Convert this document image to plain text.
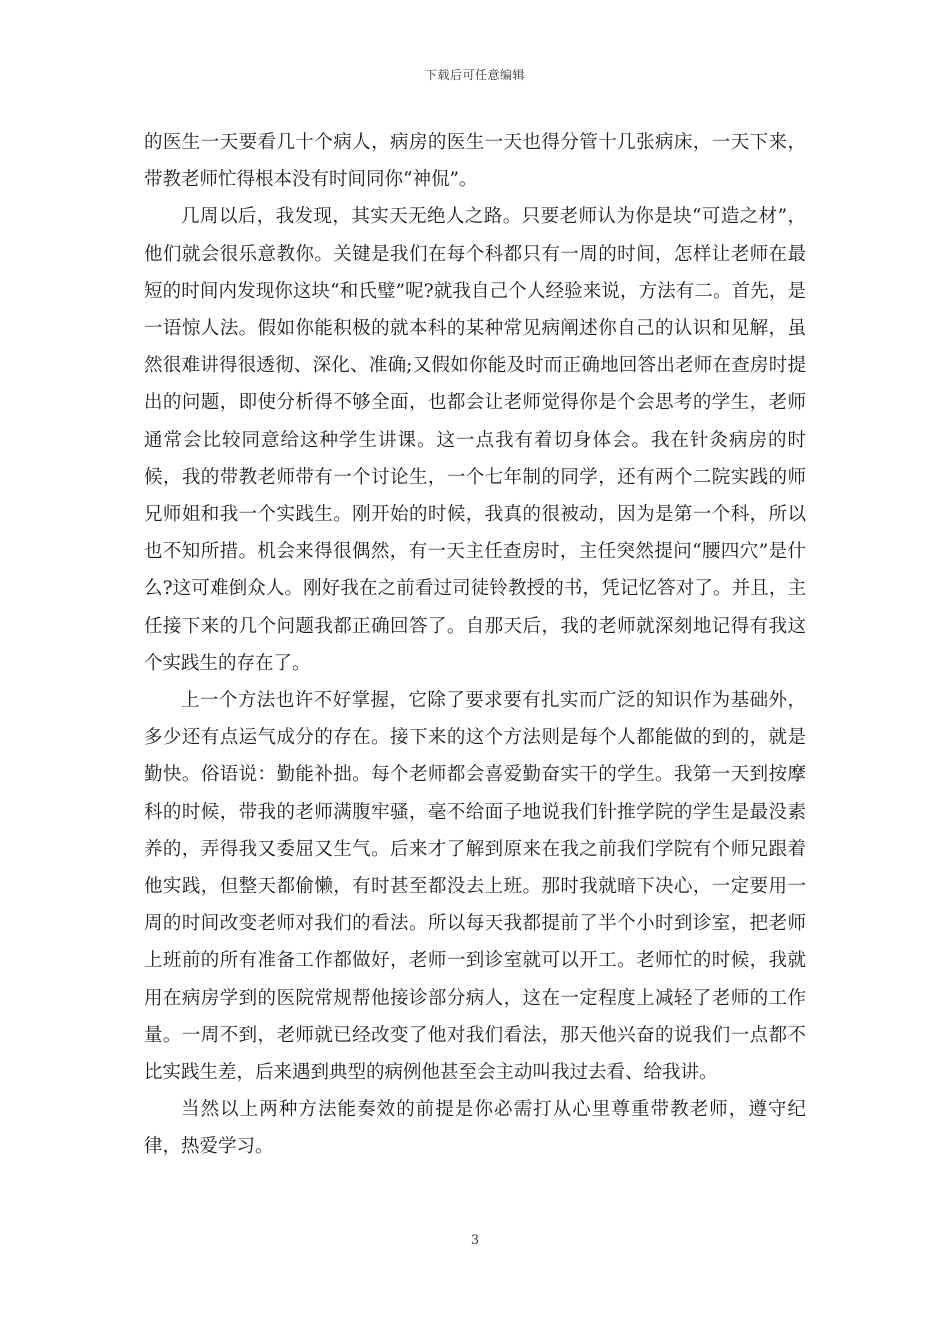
下载后可任意编辑

的医生一天要看几十个病人，病房的医生一天也得分管十几张病床，一天下来，带教老师忙得根本没有时间同你“神侃”。

几周以后，我发现，其实天无绝人之路。只要老师认为你是块“可造之材”，他们就会很乐意教你。关键是我们在每个科都只有一周的时间，怎样让老师在最短的时间内发现你这块“和氏璧”呢?就我自己个人经验来说，方法有二。首先，是一语惊人法。假如你能积极的就本科的某种常见病阐述你自己的认识和见解，虽然很难讲得很透彻、深化、准确;又假如你能及时而正确地回答出老师在查房时提出的问题，即使分析得不够全面，也都会让老师觉得你是个会思考的学生，老师通常会比较同意给这种学生讲课。这一点我有着切身体会。我在针灸病房的时候，我的带教老师带有一个讨论生，一个七年制的同学，还有两个二院实践的师兄师姐和我一个实践生。刚开始的时候，我真的很被动，因为是第一个科，所以也不知所措。机会来得很偶然，有一天主任查房时，主任突然提问“腰四穴”是什么?这可难倒众人。刚好我在之前看过司徒铃教授的书，凭记忆答对了。并且，主任接下来的几个问题我都正确回答了。自那天后，我的老师就深刻地记得有我这个实践生的存在了。

上一个方法也许不好掌握，它除了要求要有扎实而广泛的知识作为基础外，多少还有点运气成分的存在。接下来的这个方法则是每个人都能做的到的，就是勤快。俗语说：勤能补拙。每个老师都会喜爱勤奋实干的学生。我第一天到按摩科的时候，带我的老师满腹牢骚，毫不给面子地说我们针推学院的学生是最没素养的，弄得我又委屈又生气。后来才了解到原来在我之前我们学院有个师兄跟着他实践，但整天都偷懒，有时甚至都没去上班。那时我就暗下决心，一定要用一周的时间改变老师对我们的看法。所以每天我都提前了半个小时到诊室，把老师上班前的所有准备工作都做好，老师一到诊室就可以开工。老师忙的时候，我就用在病房学到的医院常规帮他接诊部分病人，这在一定程度上减轻了老师的工作量。一周不到，老师就已经改变了他对我们看法，那天他兴奋的说我们一点都不比实践生差，后来遇到典型的病例他甚至会主动叫我过去看、给我讲。

当然以上两种方法能奏效的前提是你必需打从心里尊重带教老师，遵守纪律，热爱学习。

3
